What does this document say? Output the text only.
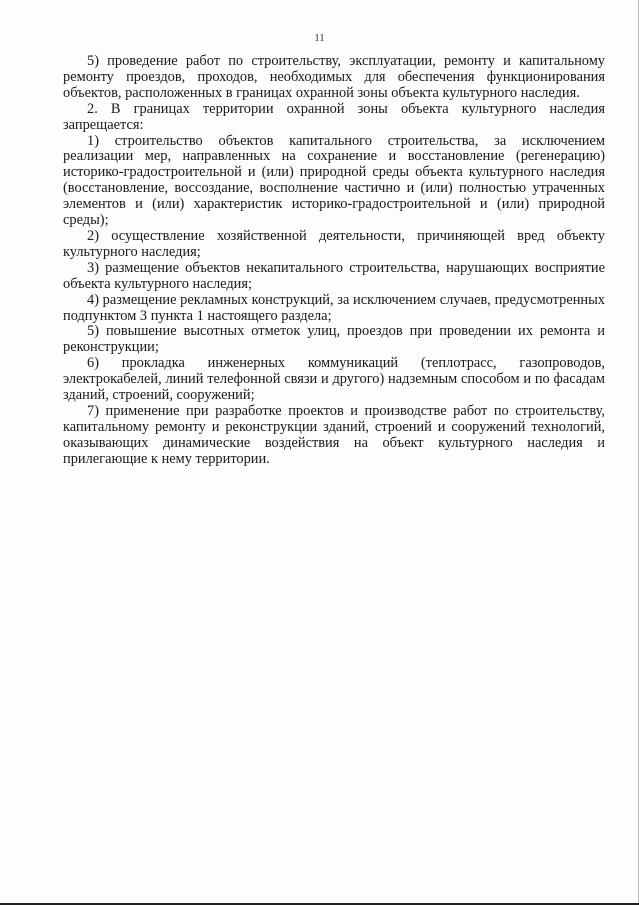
11

5) проведение работ по строительству, эксплуатации, ремонту и капитальному ремонту проездов, проходов, необходимых для обеспечения функционирования объектов, расположенных в границах охранной зоны объекта культурного наследия.

2. В границах территории охранной зоны объекта культурного наследия запрещается:

1) строительство объектов капитального строительства, за исключением реализации мер, направленных на сохранение и восстановление (регенерацию) историко-градостроительной и (или) природной среды объекта культурного наследия (восстановление, воссоздание, восполнение частично и (или) полностью утраченных элементов и (или) характеристик историко-градостроительной и (или) природной среды);

2) осуществление хозяйственной деятельности, причиняющей вред объекту культурного наследия;

3) размещение объектов некапитального строительства, нарушающих восприятие объекта культурного наследия;

4) размещение рекламных конструкций, за исключением случаев, предусмотренных подпунктом 3 пункта 1 настоящего раздела;

5) повышение высотных отметок улиц, проездов при проведении их ремонта и реконструкции;

6) прокладка инженерных коммуникаций (теплотрасс, газопроводов, электрокабелей, линий телефонной связи и другого) надземным способом и по фасадам зданий, строений, сооружений;

7) применение при разработке проектов и производстве работ по строительству, капитальному ремонту и реконструкции зданий, строений и сооружений технологий, оказывающих динамические воздействия на объект культурного наследия и прилегающие к нему территории.
